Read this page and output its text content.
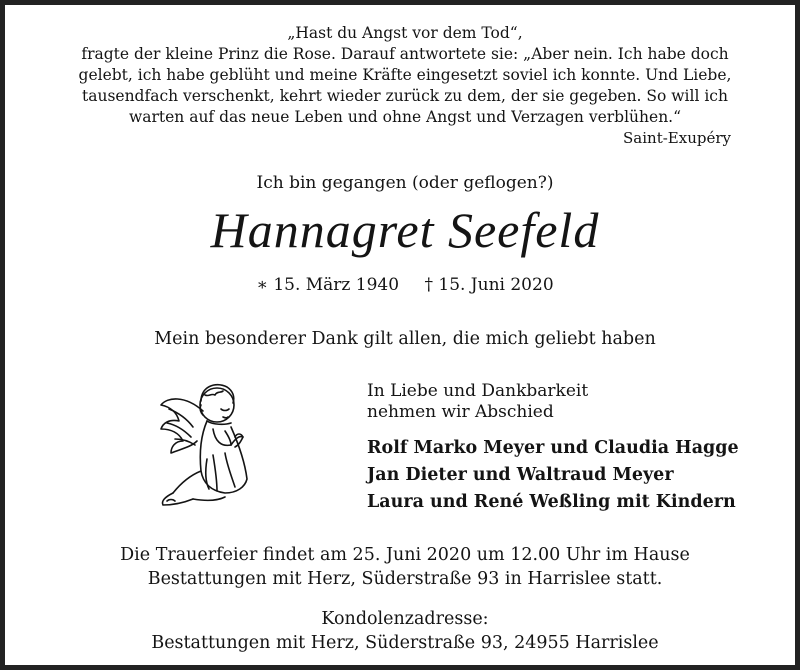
„Hast du Angst vor dem Tod“,
fragte der kleine Prinz die Rose. Darauf antwortete sie: „Aber nein. Ich habe doch
gelebt, ich habe geblüht und meine Kräfte eingesetzt soviel ich konnte. Und Liebe,
tausendfach verschenkt, kehrt wieder zurück zu dem, der sie gegeben. So will ich
warten auf das neue Leben und ohne Angst und Verzagen verblühen.“
Saint-Exupéry
Ich bin gegangen (oder geflogen?)
Hannagret Seefeld
∗ 15. März 1940 † 15. Juni 2020
Mein besonderer Dank gilt allen, die mich geliebt haben
In Liebe und Dankbarkeit
nehmen wir Abschied
Rolf Marko Meyer und Claudia Hagge
Jan Dieter und Waltraud Meyer
Laura und René Weßling mit Kindern
Die Trauerfeier findet am 25. Juni 2020 um 12.00 Uhr im Hause
Bestattungen mit Herz, Süderstraße 93 in Harrislee statt.
Kondolenzadresse:
Bestattungen mit Herz, Süderstraße 93, 24955 Harrislee
